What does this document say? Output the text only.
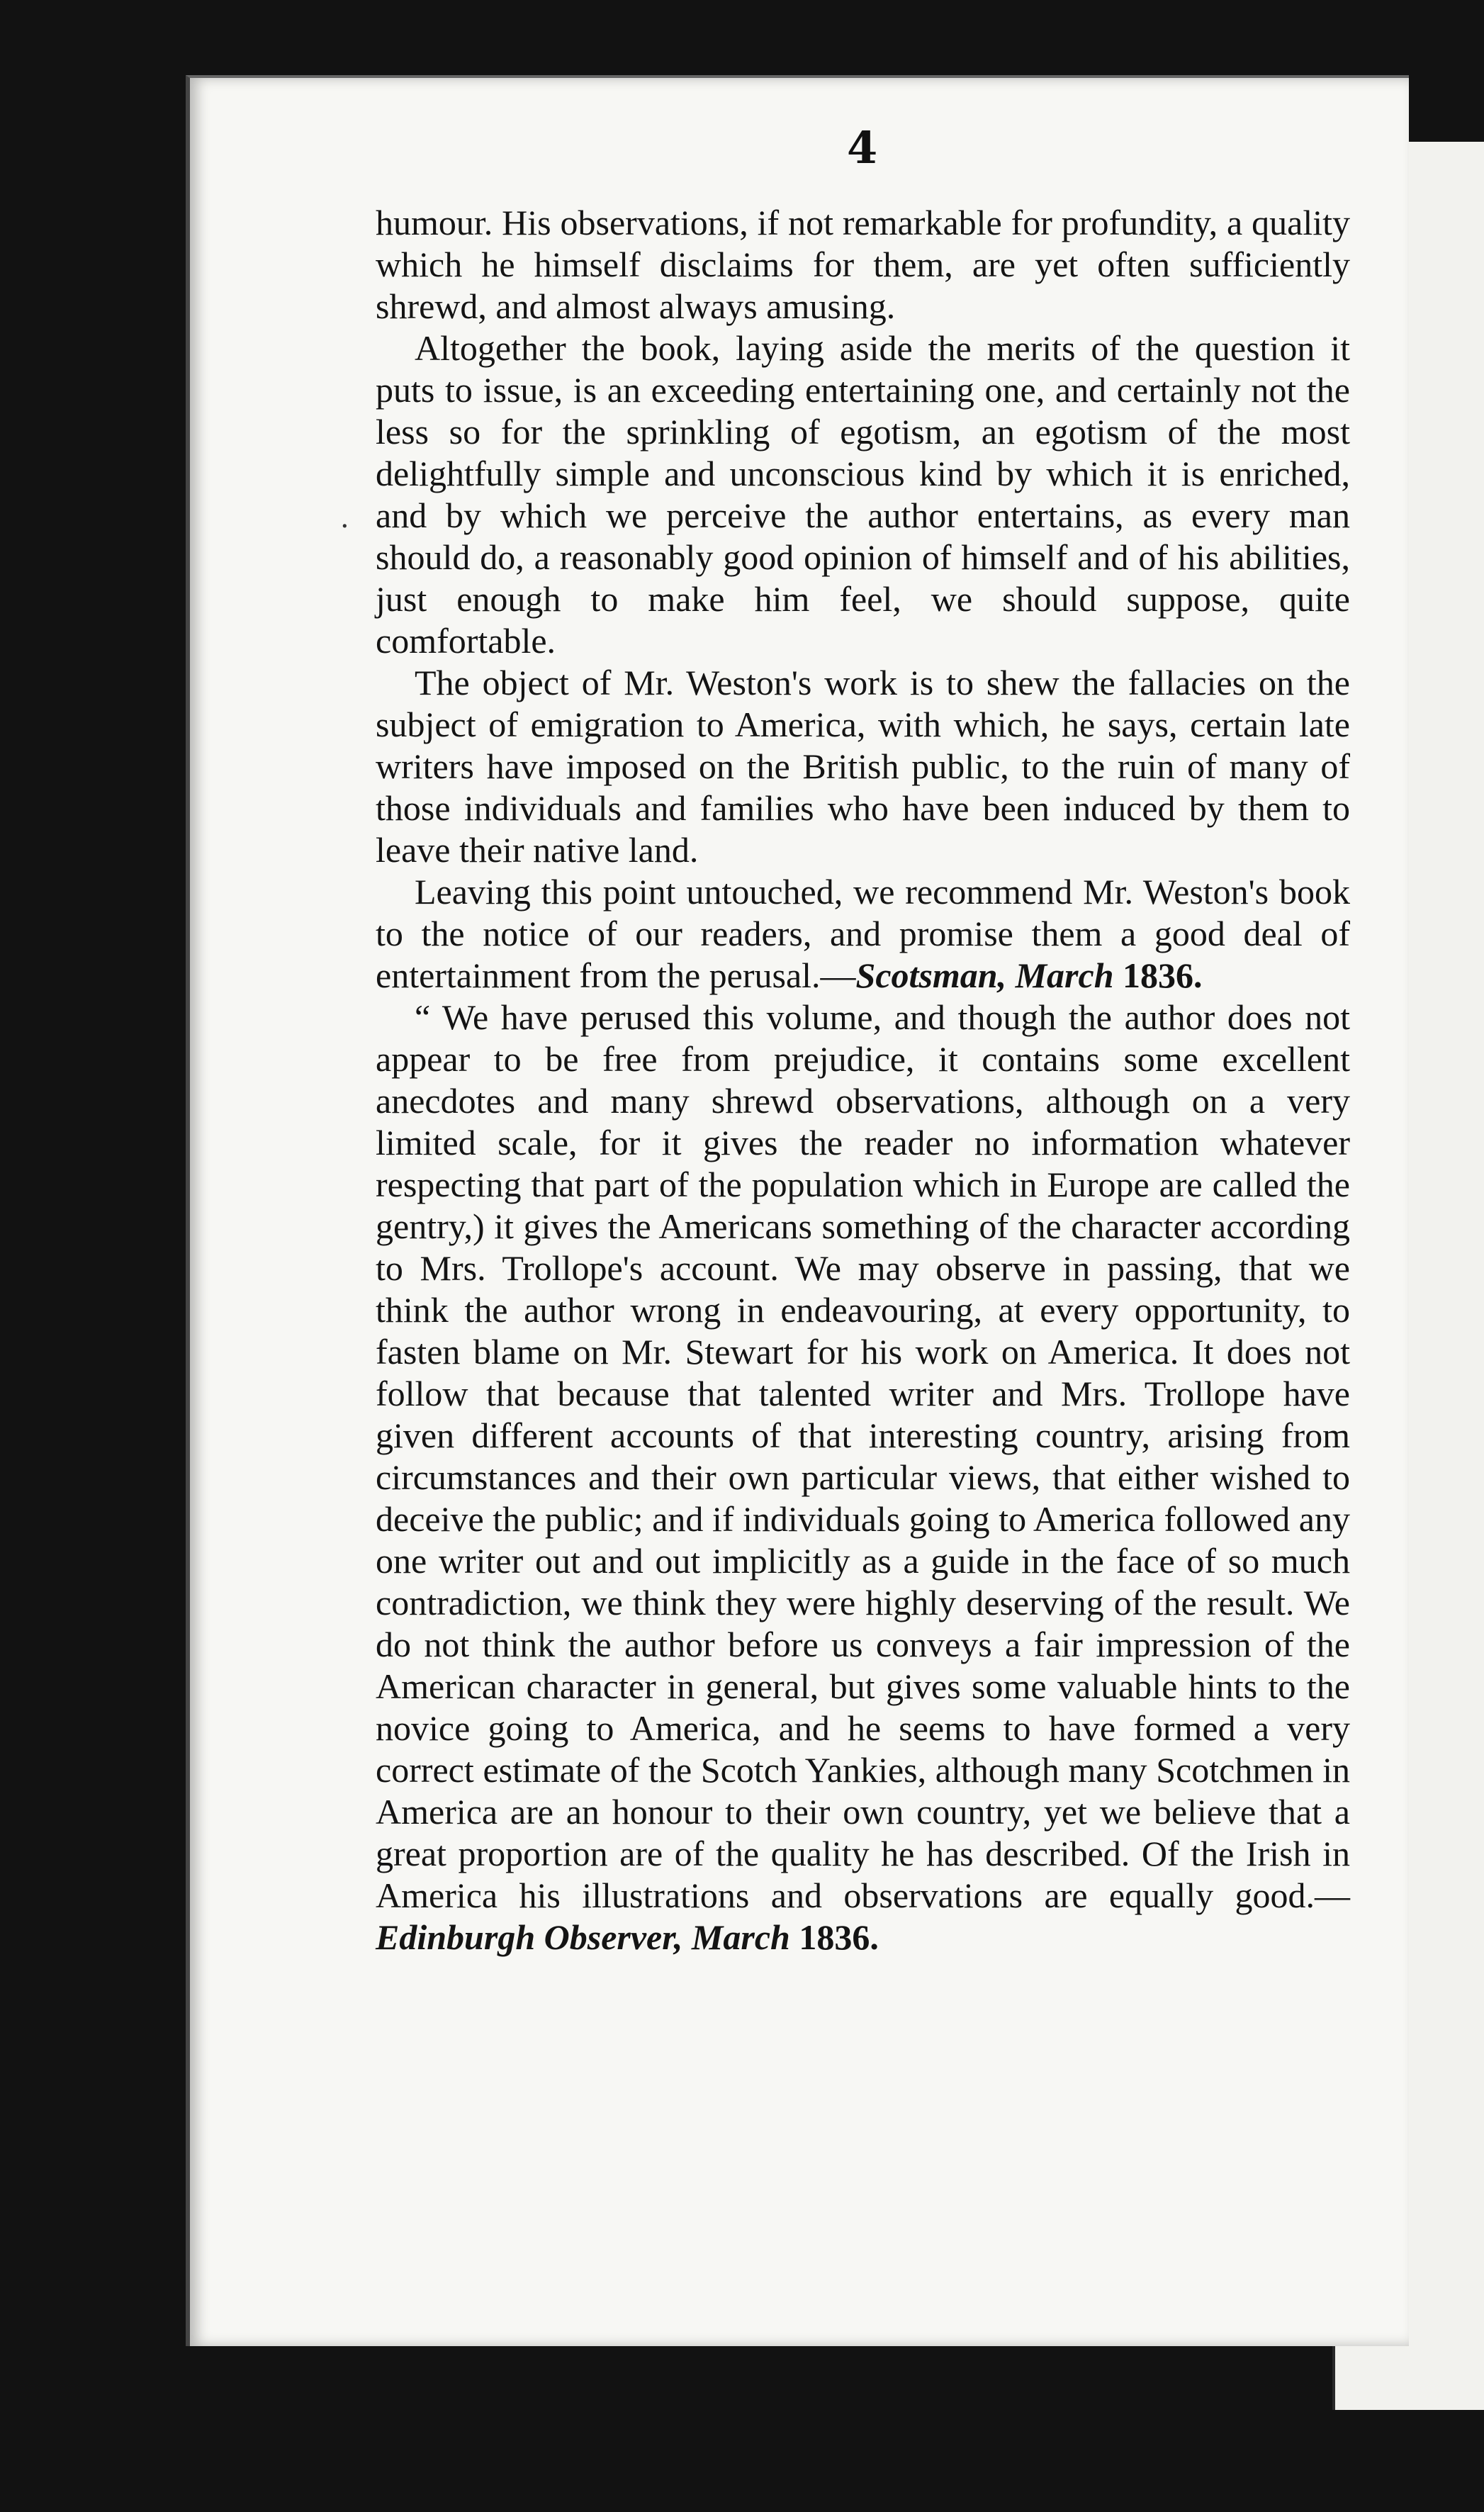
4

humour. His observations, if not remarkable for profundity, a quality which he himself disclaims for them, are yet often sufficiently shrewd, and almost always amusing.

Altogether the book, laying aside the merits of the question it puts to issue, is an exceeding entertaining one, and certainly not the less so for the sprinkling of egotism, an egotism of the most delightfully simple and unconscious kind by which it is enriched, and by which we perceive the author entertains, as every man should do, a reasonably good opinion of himself and of his abilities, just enough to make him feel, we should suppose, quite comfortable.

The object of Mr. Weston's work is to shew the fallacies on the subject of emigration to America, with which, he says, certain late writers have imposed on the British public, to the ruin of many of those individuals and families who have been induced by them to leave their native land.

Leaving this point untouched, we recommend Mr. Weston's book to the notice of our readers, and promise them a good deal of entertainment from the perusal.—Scotsman, March 1836.

“ We have perused this volume, and though the author does not appear to be free from prejudice, it contains some excellent anecdotes and many shrewd observations, although on a very limited scale, for it gives the reader no information whatever respecting that part of the population which in Europe are called the gentry,) it gives the Americans something of the character according to Mrs. Trollope's account. We may observe in passing, that we think the author wrong in endeavouring, at every opportunity, to fasten blame on Mr. Stewart for his work on America. It does not follow that because that talented writer and Mrs. Trollope have given different accounts of that interesting country, arising from circumstances and their own particular views, that either wished to deceive the public; and if individuals going to America followed any one writer out and out implicitly as a guide in the face of so much contradiction, we think they were highly deserving of the result. We do not think the author before us conveys a fair impression of the American character in general, but gives some valuable hints to the novice going to America, and he seems to have formed a very correct estimate of the Scotch Yankies, although many Scotchmen in America are an honour to their own country, yet we believe that a great proportion are of the quality he has described. Of the Irish in America his illustrations and observations are equally good.—Edinburgh Observer, March 1836.

·
